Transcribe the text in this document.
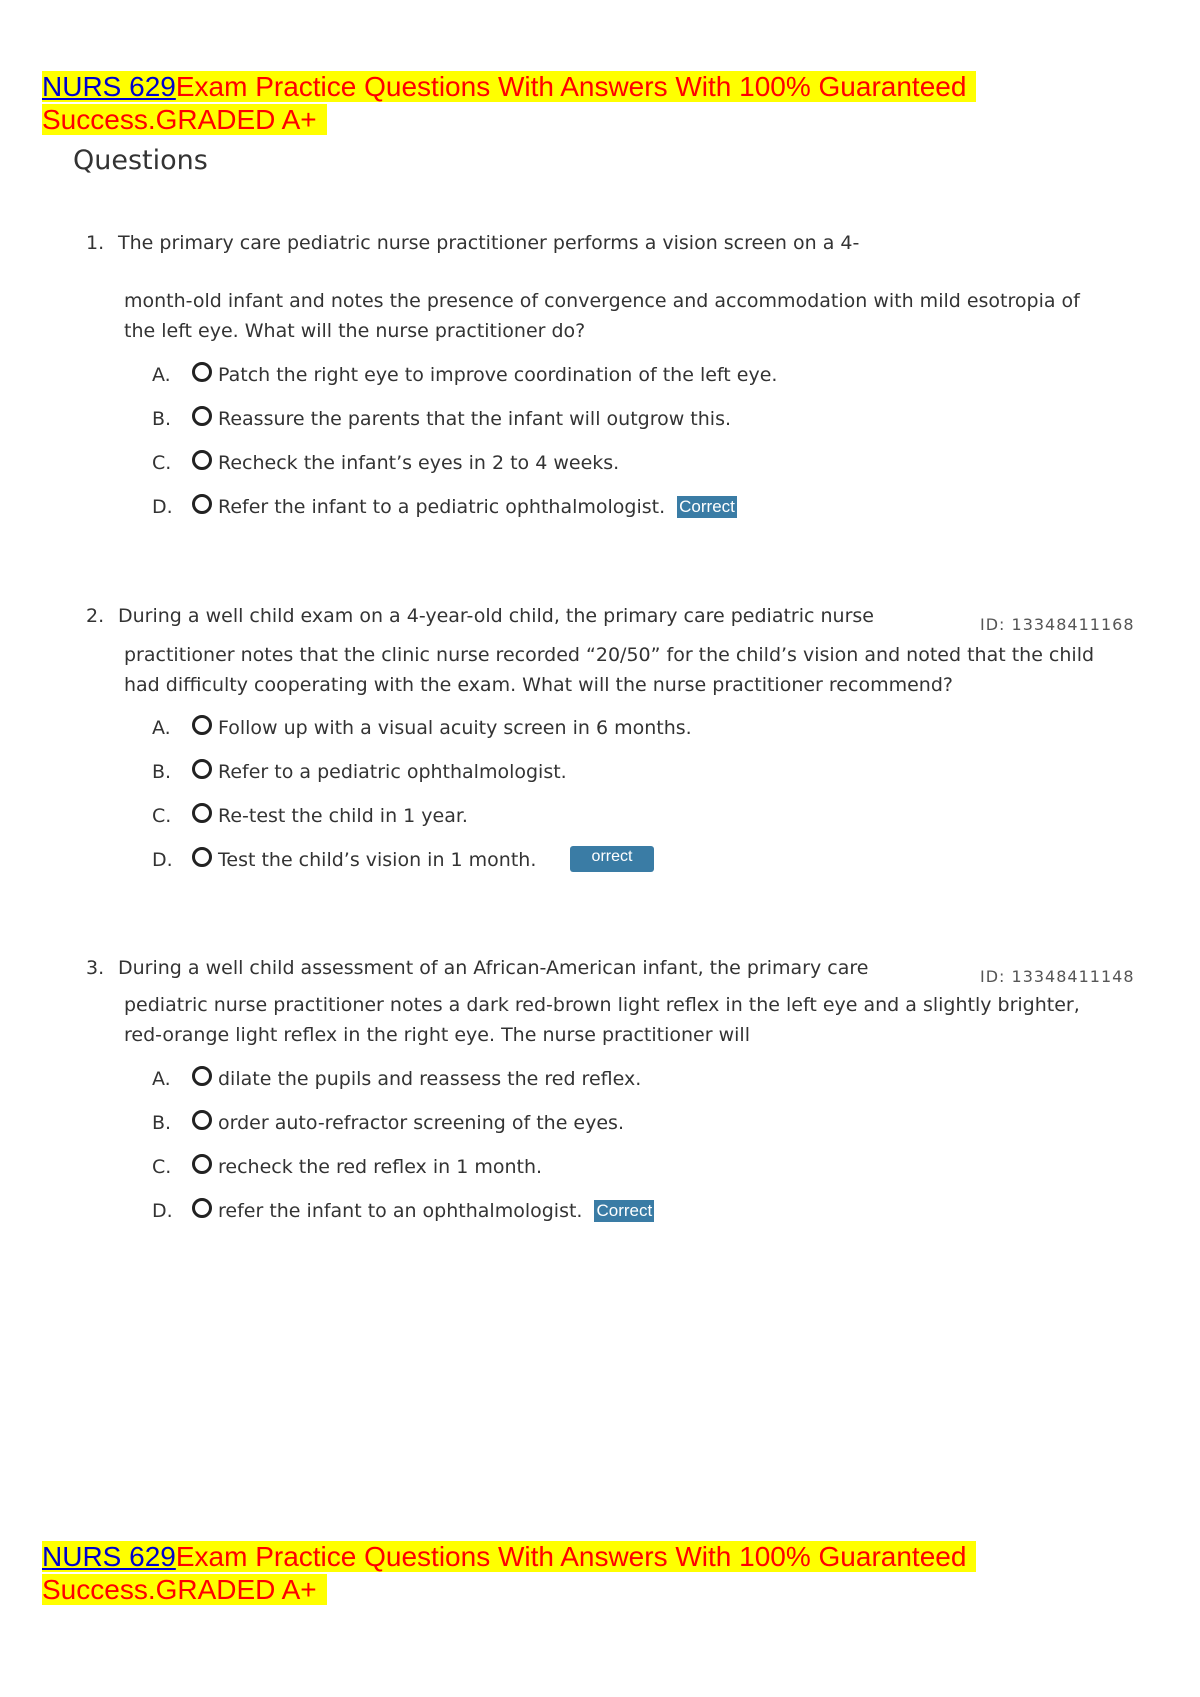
NURS 629Exam Practice Questions With Answers With 100% Guaranteed
Success.GRADED A+
Questions
1. The primary care pediatric nurse practitioner performs a vision screen on a 4-
month-old infant and notes the presence of convergence and accommodation with mild esotropia of the left eye. What will the nurse practitioner do?
A.	Patch the right eye to improve coordination of the left eye.
B.	Reassure the parents that the infant will outgrow this.
C.	Recheck the infant’s eyes in 2 to 4 weeks.
D.	Refer the infant to a pediatric ophthalmologist. Correct
2. During a well child exam on a 4-year-old child, the primary care pediatric nurse	ID: 13348411168
practitioner notes that the clinic nurse recorded “20/50” for the child’s vision and noted that the child had difficulty cooperating with the exam. What will the nurse practitioner recommend?
A.	Follow up with a visual acuity screen in 6 months.
B.	Refer to a pediatric ophthalmologist.
C.	Re-test the child in 1 year.
D.	Test the child’s vision in 1 month.	orrect
3. During a well child assessment of an African-American infant, the primary care	ID: 13348411148
pediatric nurse practitioner notes a dark red-brown light reflex in the left eye and a slightly brighter, red-orange light reflex in the right eye. The nurse practitioner will
A.	dilate the pupils and reassess the red reflex.
B.	order auto-refractor screening of the eyes.
C.	recheck the red reflex in 1 month.
D.	refer the infant to an ophthalmologist. Correct
NURS 629Exam Practice Questions With Answers With 100% Guaranteed
Success.GRADED A+
